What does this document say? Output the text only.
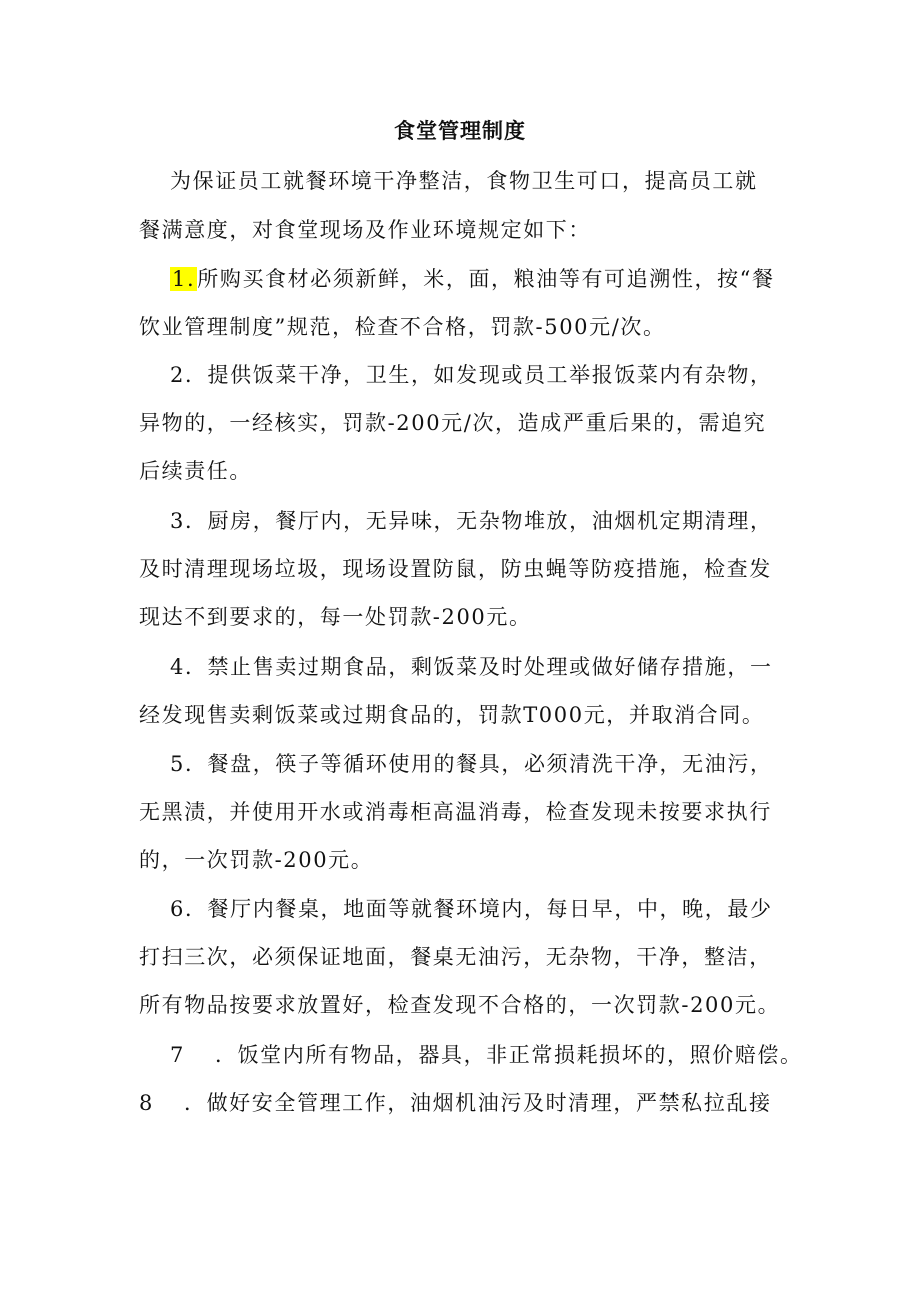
食堂管理制度
为保证员工就餐环境干净整洁，食物卫生可口，提高员工就
餐满意度，对食堂现场及作业环境规定如下：
1.所购买食材必须新鲜，米，面，粮油等有可追溯性，按“餐
饮业管理制度”规范，检查不合格，罚款-500元/次。
2．提供饭菜干净，卫生，如发现或员工举报饭菜内有杂物，
异物的，一经核实，罚款-200元/次，造成严重后果的，需追究
后续责任。
3．厨房，餐厅内，无异味，无杂物堆放，油烟机定期清理，
及时清理现场垃圾，现场设置防鼠，防虫蝇等防疫措施，检查发
现达不到要求的，每一处罚款-200元。
4．禁止售卖过期食品，剩饭菜及时处理或做好储存措施，一
经发现售卖剩饭菜或过期食品的，罚款T000元，并取消合同。
5．餐盘，筷子等循环使用的餐具，必须清洗干净，无油污，
无黑渍，并使用开水或消毒柜高温消毒，检查发现未按要求执行
的，一次罚款-200元。
6．餐厅内餐桌，地面等就餐环境内，每日早，中，晚，最少
打扫三次，必须保证地面，餐桌无油污，无杂物，干净，整洁，
所有物品按要求放置好，检查发现不合格的，一次罚款-200元。
7 ．饭堂内所有物品，器具，非正常损耗损坏的，照价赔偿。
8 ．做好安全管理工作，油烟机油污及时清理，严禁私拉乱接
